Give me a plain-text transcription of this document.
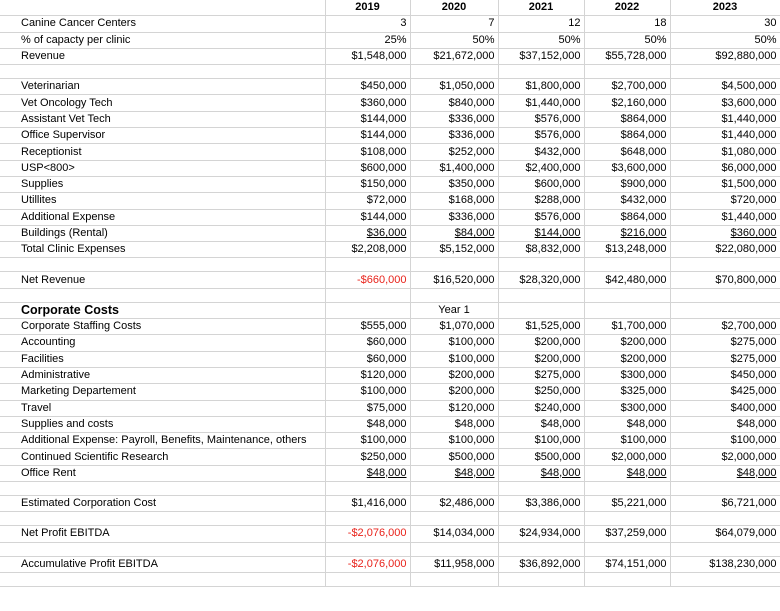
	2019	2020	2021	2022	2023
Canine Cancer Centers	3	7	12	18	30
% of capacty per clinic	25%	50%	50%	50%	50%
Revenue	$1,548,000	$21,672,000	$37,152,000	$55,728,000	$92,880,000

Veterinarian	$450,000	$1,050,000	$1,800,000	$2,700,000	$4,500,000
Vet Oncology Tech	$360,000	$840,000	$1,440,000	$2,160,000	$3,600,000
Assistant Vet Tech	$144,000	$336,000	$576,000	$864,000	$1,440,000
Office Supervisor	$144,000	$336,000	$576,000	$864,000	$1,440,000
Receptionist	$108,000	$252,000	$432,000	$648,000	$1,080,000
USP<800>	$600,000	$1,400,000	$2,400,000	$3,600,000	$6,000,000
Supplies	$150,000	$350,000	$600,000	$900,000	$1,500,000
Utillites	$72,000	$168,000	$288,000	$432,000	$720,000
Additional Expense	$144,000	$336,000	$576,000	$864,000	$1,440,000
Buildings (Rental)	$36,000	$84,000	$144,000	$216,000	$360,000
Total Clinic Expenses	$2,208,000	$5,152,000	$8,832,000	$13,248,000	$22,080,000

Net Revenue	-$660,000	$16,520,000	$28,320,000	$42,480,000	$70,800,000

Corporate Costs		Year 1			
Corporate Staffing Costs	$555,000	$1,070,000	$1,525,000	$1,700,000	$2,700,000
Accounting	$60,000	$100,000	$200,000	$200,000	$275,000
Facilities	$60,000	$100,000	$200,000	$200,000	$275,000
Administrative	$120,000	$200,000	$275,000	$300,000	$450,000
Marketing Departement	$100,000	$200,000	$250,000	$325,000	$425,000
Travel	$75,000	$120,000	$240,000	$300,000	$400,000
Supplies and costs	$48,000	$48,000	$48,000	$48,000	$48,000
Additional Expense: Payroll, Benefits, Maintenance, others	$100,000	$100,000	$100,000	$100,000	$100,000
Continued Scientific Research	$250,000	$500,000	$500,000	$2,000,000	$2,000,000
Office Rent	$48,000	$48,000	$48,000	$48,000	$48,000

Estimated Corporation Cost	$1,416,000	$2,486,000	$3,386,000	$5,221,000	$6,721,000

Net Profit EBITDA	-$2,076,000	$14,034,000	$24,934,000	$37,259,000	$64,079,000

Accumulative Profit EBITDA	-$2,076,000	$11,958,000	$36,892,000	$74,151,000	$138,230,000
